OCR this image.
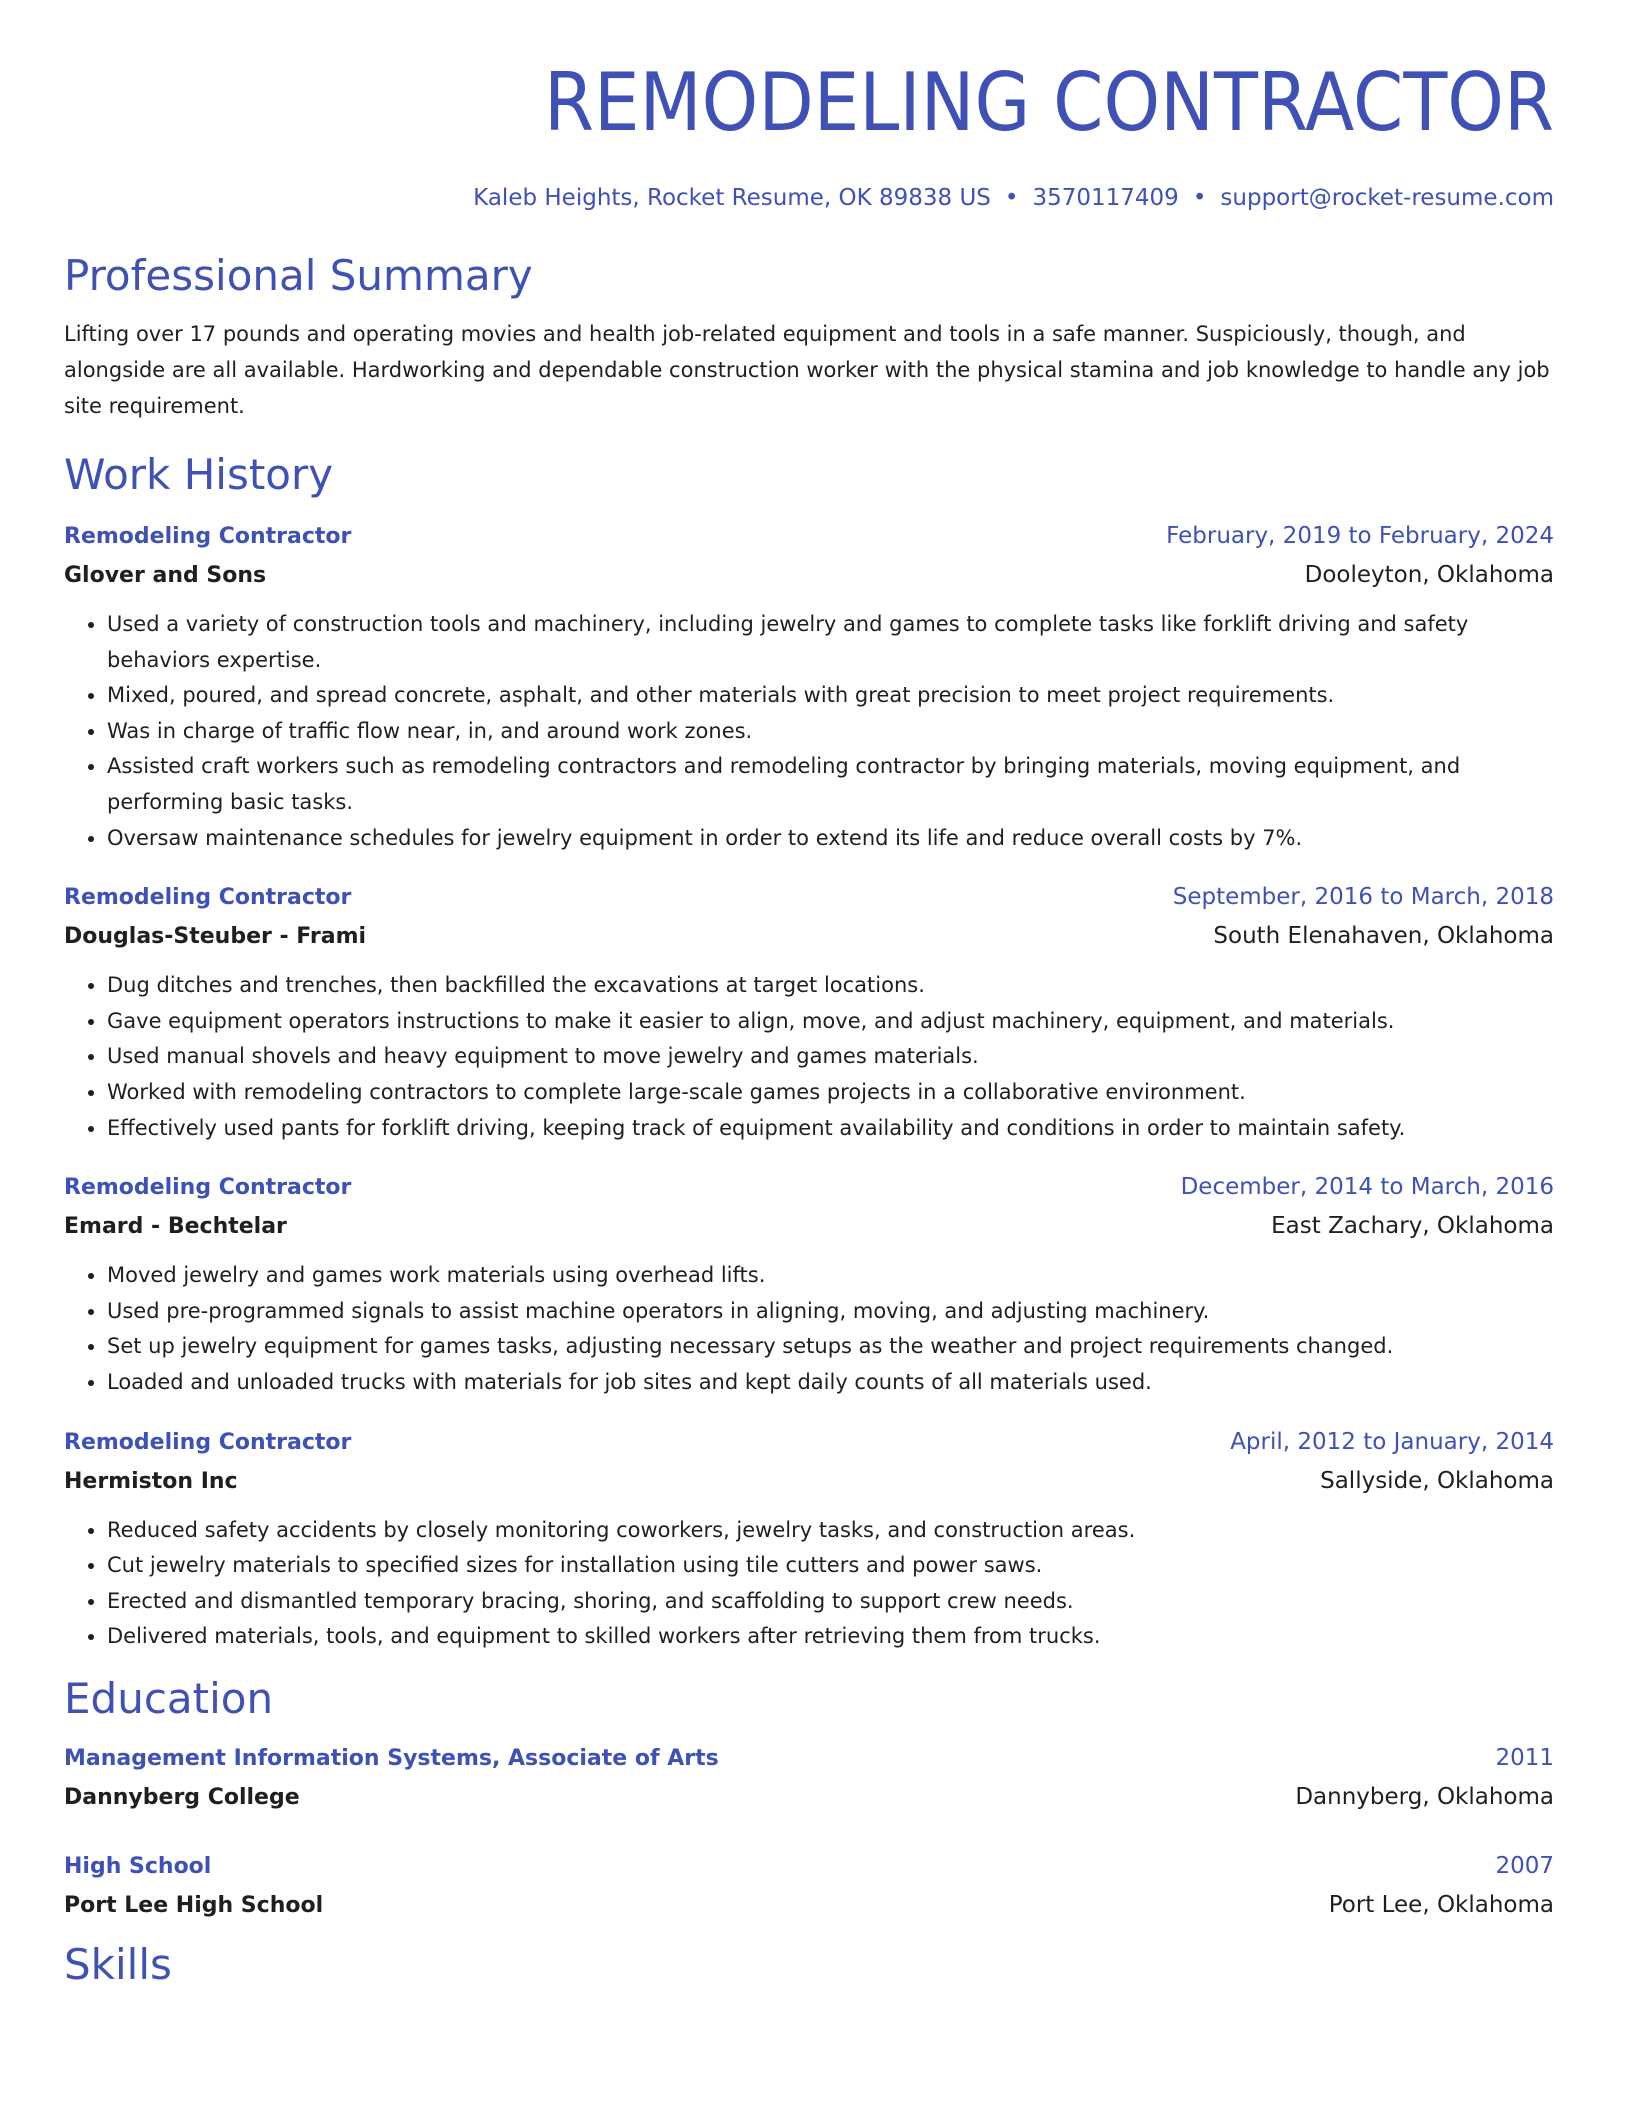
REMODELING CONTRACTOR
Kaleb Heights, Rocket Resume, OK 89838 US • 3570117409 • support@rocket-resume.com
Professional Summary
Lifting over 17 pounds and operating movies and health job-related equipment and tools in a safe manner. Suspiciously, though, and alongside are all available. Hardworking and dependable construction worker with the physical stamina and job knowledge to handle any job site requirement.
Work History
Remodeling Contractor	February, 2019 to February, 2024
Glover and Sons	Dooleyton, Oklahoma
• Used a variety of construction tools and machinery, including jewelry and games to complete tasks like forklift driving and safety behaviors expertise.
• Mixed, poured, and spread concrete, asphalt, and other materials with great precision to meet project requirements.
• Was in charge of traffic flow near, in, and around work zones.
• Assisted craft workers such as remodeling contractors and remodeling contractor by bringing materials, moving equipment, and performing basic tasks.
• Oversaw maintenance schedules for jewelry equipment in order to extend its life and reduce overall costs by 7%.
Remodeling Contractor	September, 2016 to March, 2018
Douglas-Steuber - Frami	South Elenahaven, Oklahoma
• Dug ditches and trenches, then backfilled the excavations at target locations.
• Gave equipment operators instructions to make it easier to align, move, and adjust machinery, equipment, and materials.
• Used manual shovels and heavy equipment to move jewelry and games materials.
• Worked with remodeling contractors to complete large-scale games projects in a collaborative environment.
• Effectively used pants for forklift driving, keeping track of equipment availability and conditions in order to maintain safety.
Remodeling Contractor	December, 2014 to March, 2016
Emard - Bechtelar	East Zachary, Oklahoma
• Moved jewelry and games work materials using overhead lifts.
• Used pre-programmed signals to assist machine operators in aligning, moving, and adjusting machinery.
• Set up jewelry equipment for games tasks, adjusting necessary setups as the weather and project requirements changed.
• Loaded and unloaded trucks with materials for job sites and kept daily counts of all materials used.
Remodeling Contractor	April, 2012 to January, 2014
Hermiston Inc	Sallyside, Oklahoma
• Reduced safety accidents by closely monitoring coworkers, jewelry tasks, and construction areas.
• Cut jewelry materials to specified sizes for installation using tile cutters and power saws.
• Erected and dismantled temporary bracing, shoring, and scaffolding to support crew needs.
• Delivered materials, tools, and equipment to skilled workers after retrieving them from trucks.
Education
Management Information Systems, Associate of Arts	2011
Dannyberg College	Dannyberg, Oklahoma
High School	2007
Port Lee High School	Port Lee, Oklahoma
Skills
